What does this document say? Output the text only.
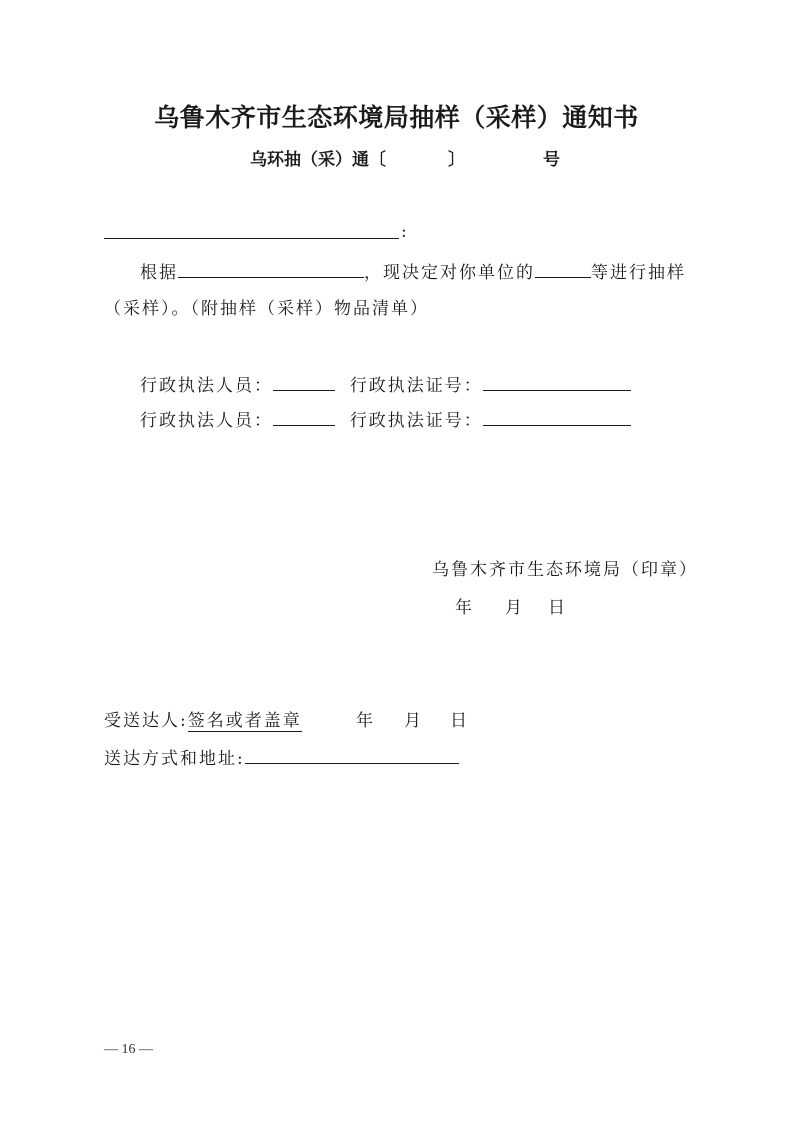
乌鲁木齐市生态环境局抽样（采样）通知书
乌环抽（采）通〔	〕	号
:
根据	，现决定对你单位的	等进行抽样
（采样）。（附抽样（采样）物品清单）
行政执法人员：	行政执法证号：
行政执法人员：	行政执法证号：
乌鲁木齐市生态环境局（印章）
年 月 日
受送达人:签名或者盖章	年 月 日
送达方式和地址:
— 16 —
